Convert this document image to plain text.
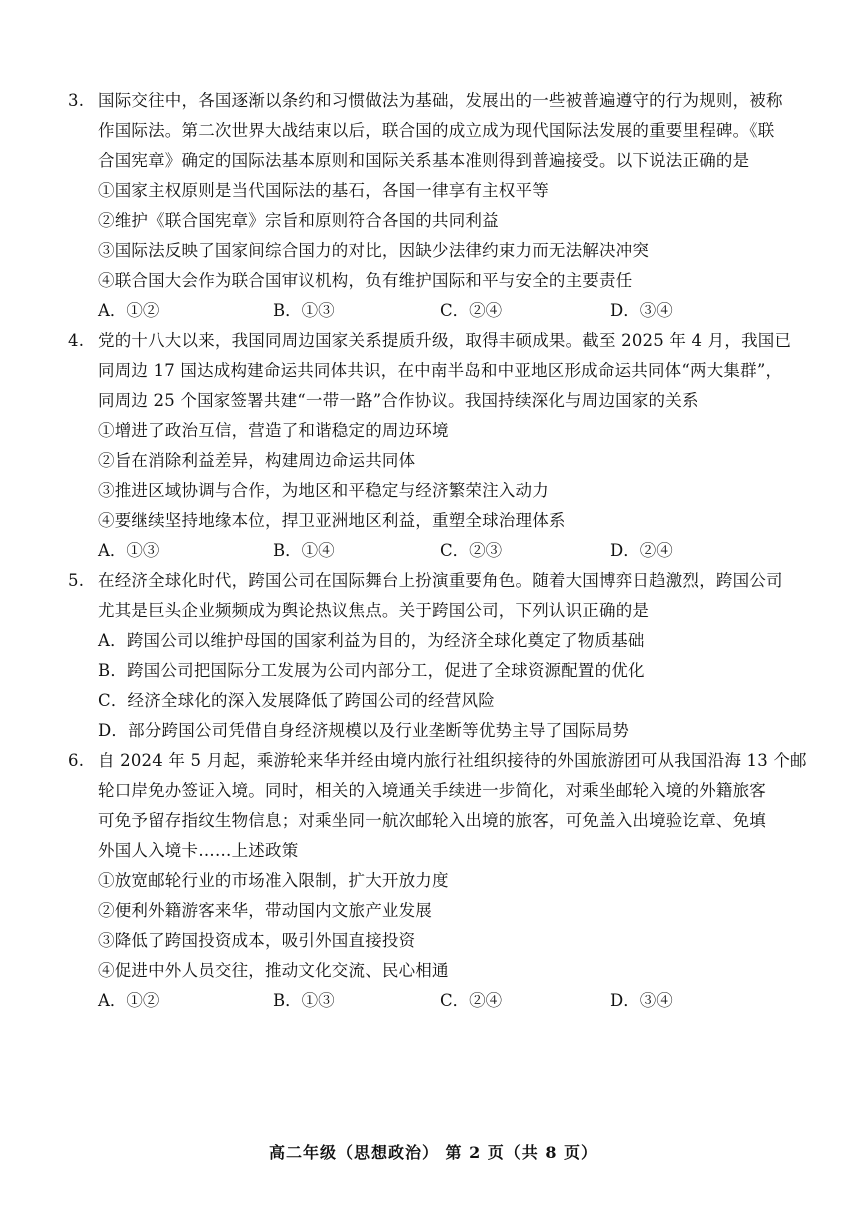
3. 国际交往中，各国逐渐以条约和习惯做法为基础，发展出的一些被普遍遵守的行为规则，被称
作国际法。第二次世界大战结束以后，联合国的成立成为现代国际法发展的重要里程碑。《联
合国宪章》确定的国际法基本原则和国际关系基本准则得到普遍接受。以下说法正确的是
①国家主权原则是当代国际法的基石，各国一律享有主权平等
②维护《联合国宪章》宗旨和原则符合各国的共同利益
③国际法反映了国家间综合国力的对比，因缺少法律约束力而无法解决冲突
④联合国大会作为联合国审议机构，负有维护国际和平与安全的主要责任
A．①②	B．①③	C．②④	D．③④
4. 党的十八大以来，我国同周边国家关系提质升级，取得丰硕成果。截至 2025 年 4 月，我国已
同周边 17 国达成构建命运共同体共识，在中南半岛和中亚地区形成命运共同体“两大集群”，
同周边 25 个国家签署共建“一带一路”合作协议。我国持续深化与周边国家的关系
①增进了政治互信，营造了和谐稳定的周边环境
②旨在消除利益差异，构建周边命运共同体
③推进区域协调与合作，为地区和平稳定与经济繁荣注入动力
④要继续坚持地缘本位，捍卫亚洲地区利益，重塑全球治理体系
A．①③	B．①④	C．②③	D．②④
5. 在经济全球化时代，跨国公司在国际舞台上扮演重要角色。随着大国博弈日趋激烈，跨国公司
尤其是巨头企业频频成为舆论热议焦点。关于跨国公司，下列认识正确的是
A．跨国公司以维护母国的国家利益为目的，为经济全球化奠定了物质基础
B．跨国公司把国际分工发展为公司内部分工，促进了全球资源配置的优化
C．经济全球化的深入发展降低了跨国公司的经营风险
D．部分跨国公司凭借自身经济规模以及行业垄断等优势主导了国际局势
6. 自 2024 年 5 月起，乘游轮来华并经由境内旅行社组织接待的外国旅游团可从我国沿海 13 个邮
轮口岸免办签证入境。同时，相关的入境通关手续进一步简化，对乘坐邮轮入境的外籍旅客
可免予留存指纹生物信息；对乘坐同一航次邮轮入出境的旅客，可免盖入出境验讫章、免填
外国人入境卡……上述政策
①放宽邮轮行业的市场准入限制，扩大开放力度
②便利外籍游客来华，带动国内文旅产业发展
③降低了跨国投资成本，吸引外国直接投资
④促进中外人员交往，推动文化交流、民心相通
A．①②	B．①③	C．②④	D．③④
高二年级（思想政治） 第 2 页（共 8 页）
